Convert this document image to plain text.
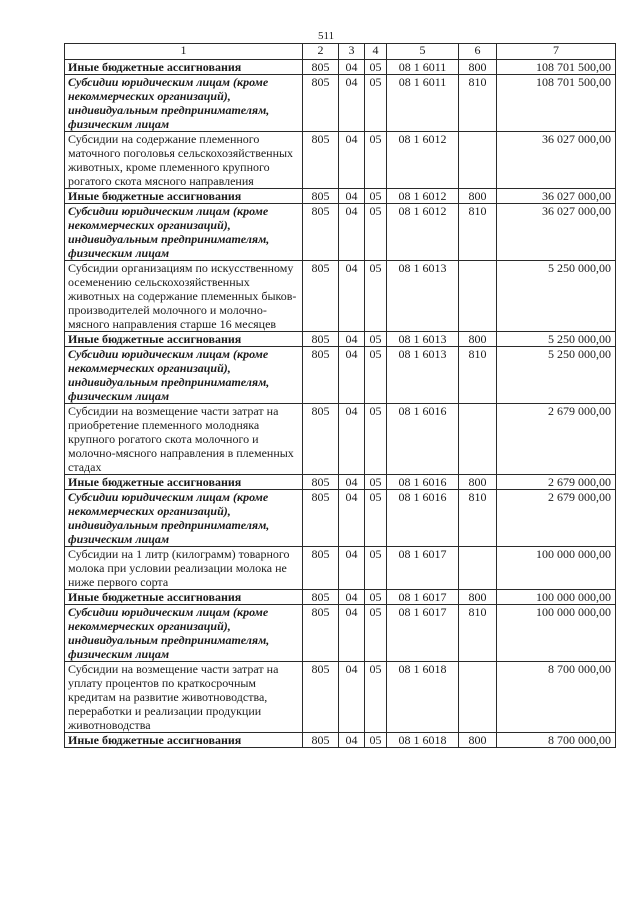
511
1	2	3	4	5	6	7
Иные бюджетные ассигнования	805	04	05	08 1 6011	800	108 701 500,00
Субсидии юридическим лицам (кроме некоммерческих организаций), индивидуальным предпринимателям, физическим лицам	805	04	05	08 1 6011	810	108 701 500,00
Субсидии на содержание племенного маточного поголовья сельскохозяйственных животных, кроме племенного крупного рогатого скота мясного направления	805	04	05	08 1 6012		36 027 000,00
Иные бюджетные ассигнования	805	04	05	08 1 6012	800	36 027 000,00
Субсидии юридическим лицам (кроме некоммерческих организаций), индивидуальным предпринимателям, физическим лицам	805	04	05	08 1 6012	810	36 027 000,00
Субсидии организациям по искусственному осеменению сельскохозяйственных животных на содержание племенных быков-производителей молочного и молочно-мясного направления старше 16 месяцев	805	04	05	08 1 6013		5 250 000,00
Иные бюджетные ассигнования	805	04	05	08 1 6013	800	5 250 000,00
Субсидии юридическим лицам (кроме некоммерческих организаций), индивидуальным предпринимателям, физическим лицам	805	04	05	08 1 6013	810	5 250 000,00
Субсидии на возмещение части затрат на приобретение племенного молодняка крупного рогатого скота молочного и молочно-мясного направления в племенных стадах	805	04	05	08 1 6016		2 679 000,00
Иные бюджетные ассигнования	805	04	05	08 1 6016	800	2 679 000,00
Субсидии юридическим лицам (кроме некоммерческих организаций), индивидуальным предпринимателям, физическим лицам	805	04	05	08 1 6016	810	2 679 000,00
Субсидии на 1 литр (килограмм) товарного молока при условии реализации молока не ниже первого сорта	805	04	05	08 1 6017		100 000 000,00
Иные бюджетные ассигнования	805	04	05	08 1 6017	800	100 000 000,00
Субсидии юридическим лицам (кроме некоммерческих организаций), индивидуальным предпринимателям, физическим лицам	805	04	05	08 1 6017	810	100 000 000,00
Субсидии на возмещение части затрат на уплату процентов по краткосрочным кредитам на развитие животноводства, переработки и реализации продукции животноводства	805	04	05	08 1 6018		8 700 000,00
Иные бюджетные ассигнования	805	04	05	08 1 6018	800	8 700 000,00
